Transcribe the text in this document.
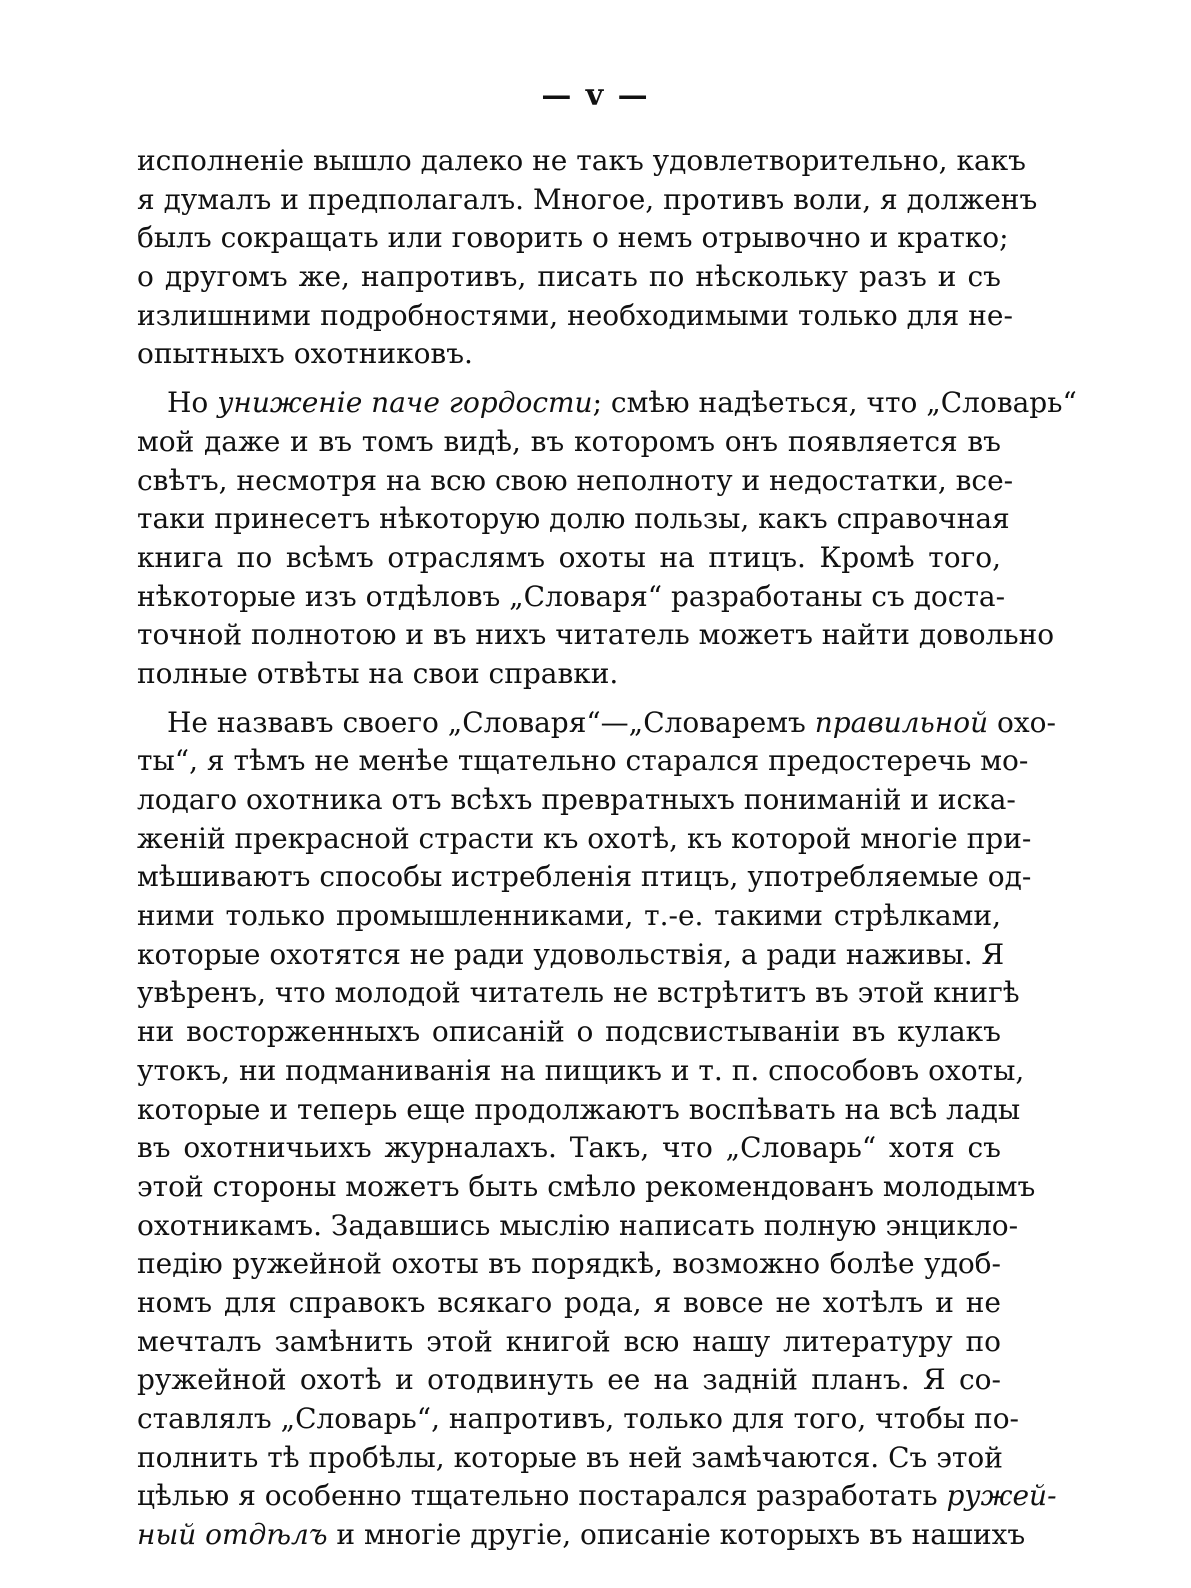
— v —
исполненіе вышло далеко не такъ удовлетворительно, какъ
я думалъ и предполагалъ. Многое, противъ воли, я долженъ
былъ сокращать или говорить о немъ отрывочно и кратко;
о другомъ же, напротивъ, писать по нѣскольку разъ и съ
излишними подробностями, необходимыми только для не-
опытныхъ охотниковъ.
Но униженіе паче гордости; смѣю надѣеться, что „Словарь“
мой даже и въ томъ видѣ, въ которомъ онъ появляется въ
свѣтъ, несмотря на всю свою неполноту и недостатки, все-
таки принесетъ нѣкоторую долю пользы, какъ справочная
книга по всѣмъ отраслямъ охоты на птицъ. Кромѣ того,
нѣкоторые изъ отдѣловъ „Словаря“ разработаны съ доста-
точной полнотою и въ нихъ читатель можетъ найти довольно
полные отвѣты на свои справки.
Не назвавъ своего „Словаря“—„Словаремъ правильной охо-
ты“, я тѣмъ не менѣе тщательно старался предостеречь мо-
лодаго охотника отъ всѣхъ превратныхъ пониманій и иска-
женій прекрасной страсти къ охотѣ, къ которой многіе при-
мѣшиваютъ способы истребленія птицъ, употребляемые од-
ними только промышленниками, т.-е. такими стрѣлками,
которые охотятся не ради удовольствія, а ради наживы. Я
увѣренъ, что молодой читатель не встрѣтитъ въ этой книгѣ
ни восторженныхъ описаній о подсвистываніи въ кулакъ
утокъ, ни подманиванія на пищикъ и т. п. способовъ охоты,
которые и теперь еще продолжаютъ воспѣвать на всѣ лады
въ охотничьихъ журналахъ. Такъ, что „Словарь“ хотя съ
этой стороны можетъ быть смѣло рекомендованъ молодымъ
охотникамъ. Задавшись мыслію написать полную энцикло-
педію ружейной охоты въ порядкѣ, возможно болѣе удоб-
номъ для справокъ всякаго рода, я вовсе не хотѣлъ и не
мечталъ замѣнить этой книгой всю нашу литературу по
ружейной охотѣ и отодвинуть ее на задній планъ. Я со-
ставлялъ „Словарь“, напротивъ, только для того, чтобы по-
полнить тѣ пробѣлы, которые въ ней замѣчаются. Съ этой
цѣлью я особенно тщательно постарался разработать ружей-
ный отдѣлъ и многіе другіе, описаніе которыхъ въ нашихъ
